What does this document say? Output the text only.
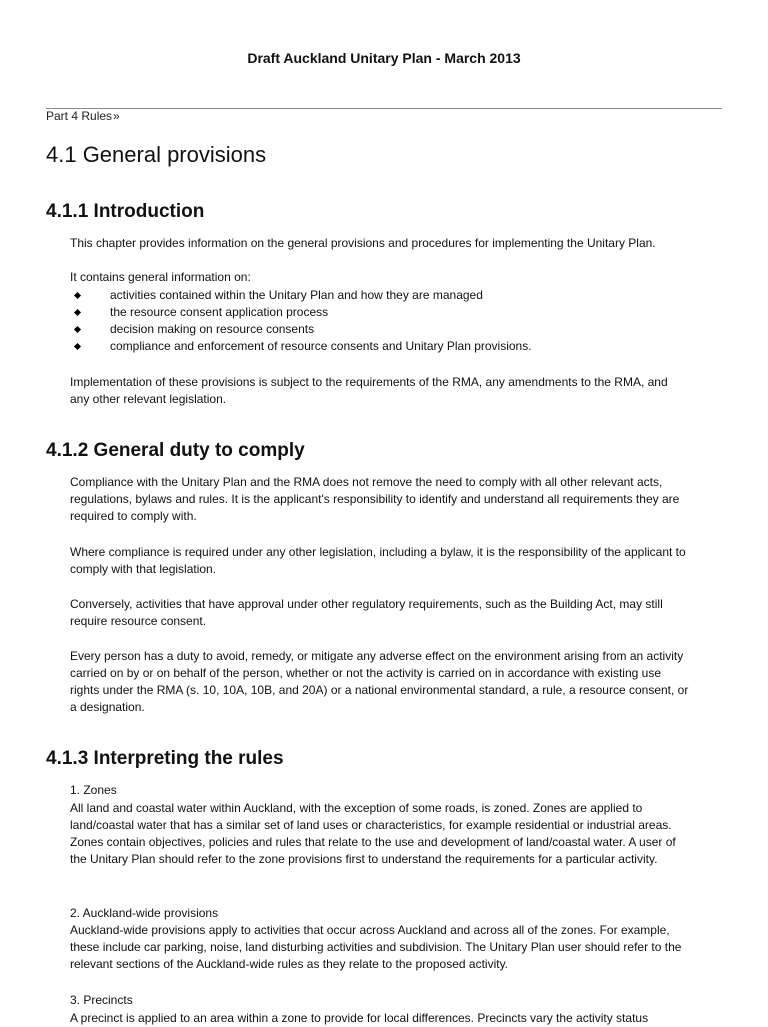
Draft Auckland Unitary Plan - March 2013
Part 4 Rules»
4.1 General provisions
4.1.1 Introduction

This chapter provides information on the general provisions and procedures for implementing the Unitary Plan.

It contains general information on:

activities contained within the Unitary Plan and how they are managed
the resource consent application process
decision making on resource consents
compliance and enforcement of resource consents and Unitary Plan provisions.

Implementation of these provisions is subject to the requirements of the RMA, any amendments to the RMA, and any other relevant legislation.

4.1.2 General duty to comply

Compliance with the Unitary Plan and the RMA does not remove the need to comply with all other relevant acts, regulations, bylaws and rules. It is the applicant's responsibility to identify and understand all requirements they are required to comply with.

Where compliance is required under any other legislation, including a bylaw, it is the responsibility of the applicant to comply with that legislation.

Conversely, activities that have approval under other regulatory requirements, such as the Building Act, may still require resource consent.

Every person has a duty to avoid, remedy, or mitigate any adverse effect on the environment arising from an activity carried on by or on behalf of the person, whether or not the activity is carried on in accordance with existing use rights under the RMA (s. 10, 10A, 10B, and 20A) or a national environmental standard, a rule, a resource consent, or a designation.

4.1.3 Interpreting the rules

1. Zones

All land and coastal water within Auckland, with the exception of some roads, is zoned. Zones are applied to land/coastal water that has a similar set of land uses or characteristics, for example residential or industrial areas. Zones contain objectives, policies and rules that relate to the use and development of land/coastal water. A user of the Unitary Plan should refer to the zone provisions first to understand the requirements for a particular activity.

2. Auckland-wide provisions

Auckland-wide provisions apply to activities that occur across Auckland and across all of the zones. For example, these include car parking, noise, land disturbing activities and subdivision. The Unitary Plan user should refer to the relevant sections of the Auckland-wide rules as they relate to the proposed activity.

3. Precincts

A precinct is applied to an area within a zone to provide for local differences. Precincts vary the activity status
